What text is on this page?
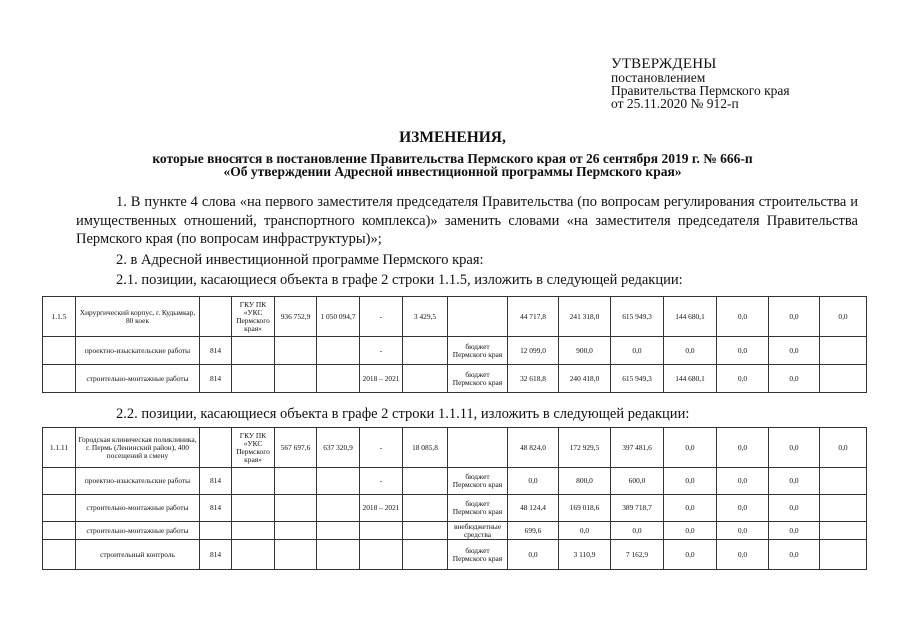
УТВЕРЖДЕНЫ
постановлением
Правительства Пермского края
от 25.11.2020 № 912-п
ИЗМЕНЕНИЯ,
которые вносятся в постановление Правительства Пермского края от 26 сентября 2019 г. № 666-п
«Об утверждении Адресной инвестиционной программы Пермского края»
1. В пункте 4 слова «на первого заместителя председателя Правительства (по вопросам регулирования строительства и имущественных отношений, транспортного комплекса)» заменить словами «на заместителя председателя Правительства Пермского края (по вопросам инфраструктуры)»;
2. в Адресной инвестиционной программе Пермского края:
2.1. позиции, касающиеся объекта в графе 2 строки 1.1.5, изложить в следующей редакции:
1.1.5	Хирургический корпус, г. Кудымкар, 80 коек		ГКУ ПК «УКС Пермского края»	936 752,9	1 050 094,7	-	3 429,5		44 717,8	241 318,0	615 949,3	144 680,1	0,0	0,0	0,0
	проектно-изыскательские работы	814				-		бюджет Пермского края	12 099,0	900,0	0,0	0,0	0,0	0,0	
	строительно-монтажные работы	814				2018 – 2021		бюджет Пермского края	32 618,8	240 418,0	615 949,3	144 680,1	0,0	0,0	
2.2. позиции, касающиеся объекта в графе 2 строки 1.1.11, изложить в следующей редакции:
1.1.11	Городская клиническая поликлиника, г. Пермь (Ленинский район), 400 посещений в смену		ГКУ ПК «УКС Пермского края»	567 697,6	637 320,9	-	18 085,8		48 824,0	172 929,5	397 481,6	0,0	0,0	0,0	0,0
	проектно-изыскательские работы	814				-		бюджет Пермского края	0,0	800,0	600,0	0,0	0,0	0,0	
	строительно-монтажные работы	814				2018 – 2021		бюджет Пермского края	48 124,4	169 018,6	389 718,7	0,0	0,0	0,0	
	строительно-монтажные работы							внебюджетные средства	699,6	0,0	0,0	0,0	0,0	0,0	
	строительный контроль	814						бюджет Пермского края	0,0	3 110,9	7 162,9	0,0	0,0	0,0	
